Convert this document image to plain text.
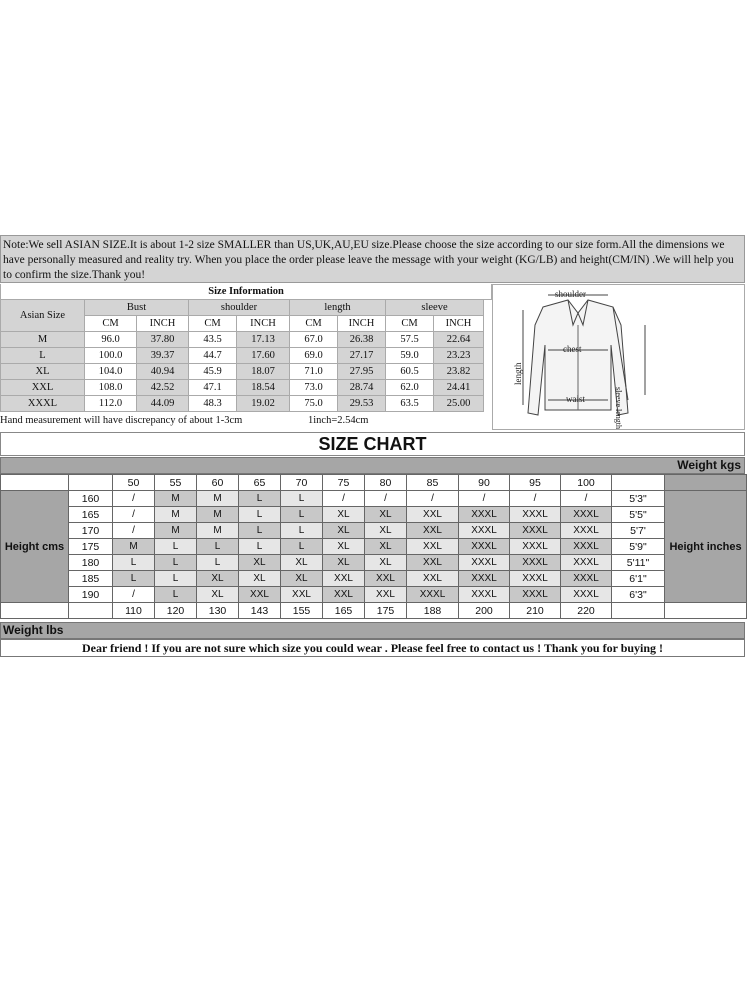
Note:We sell ASIAN SIZE.It is about 1-2 size SMALLER than US,UK,AU,EU size.Please choose the size according to our size form.All the dimensions we have personally measured and reality try. When you place the order please leave the message with your weight (KG/LB) and height(CM/IN) .We will help you to confirm the size.Thank you!
Size Information									
Asian Size	Bust		shoulder		length		sleeve		
	CM	INCH	CM	INCH	CM	INCH	CM	INCH	
M	96.0	37.80	43.5	17.13	67.0	26.38	57.5	22.64	
L	100.0	39.37	44.7	17.60	69.0	27.17	59.0	23.23	
XL	104.0	40.94	45.9	18.07	71.0	27.95	60.5	23.82	
XXL	108.0	42.52	47.1	18.54	73.0	28.74	62.0	24.41	
XXXL	112.0	44.09	48.3	19.02	75.0	29.53	63.5	25.00	
Hand measurement will have discrepancy of about 1-3cm	1inch=2.54cm
shoulder
chest
waist
length
sleeve length
SIZE CHART
Weight kgs
		50	55	60	65	70	75	80	85	90	95	100		
Height cms	160	/	M	M	L	L	/	/	/	/	/	/	5'3"	Height inches
	165	/	M	M	L	L	XL	XL	XXL	XXXL	XXXL	XXXL	5'5"	
	170	/	M	M	L	L	XL	XL	XXL	XXXL	XXXL	XXXL	5'7'	
	175	M	L	L	L	L	XL	XL	XXL	XXXL	XXXL	XXXL	5'9"	
	180	L	L	L	XL	XL	XL	XL	XXL	XXXL	XXXL	XXXL	5'11"	
	185	L	L	XL	XL	XL	XXL	XXL	XXL	XXXL	XXXL	XXXL	6'1"	
	190	/	L	XL	XXL	XXL	XXL	XXL	XXXL	XXXL	XXXL	XXXL	6'3"	
		110	120	130	143	155	165	175	188	200	210	220		
Weight lbs
Dear friend ! If you are not sure which size you could wear . Please feel free to contact us ! Thank you for buying !
